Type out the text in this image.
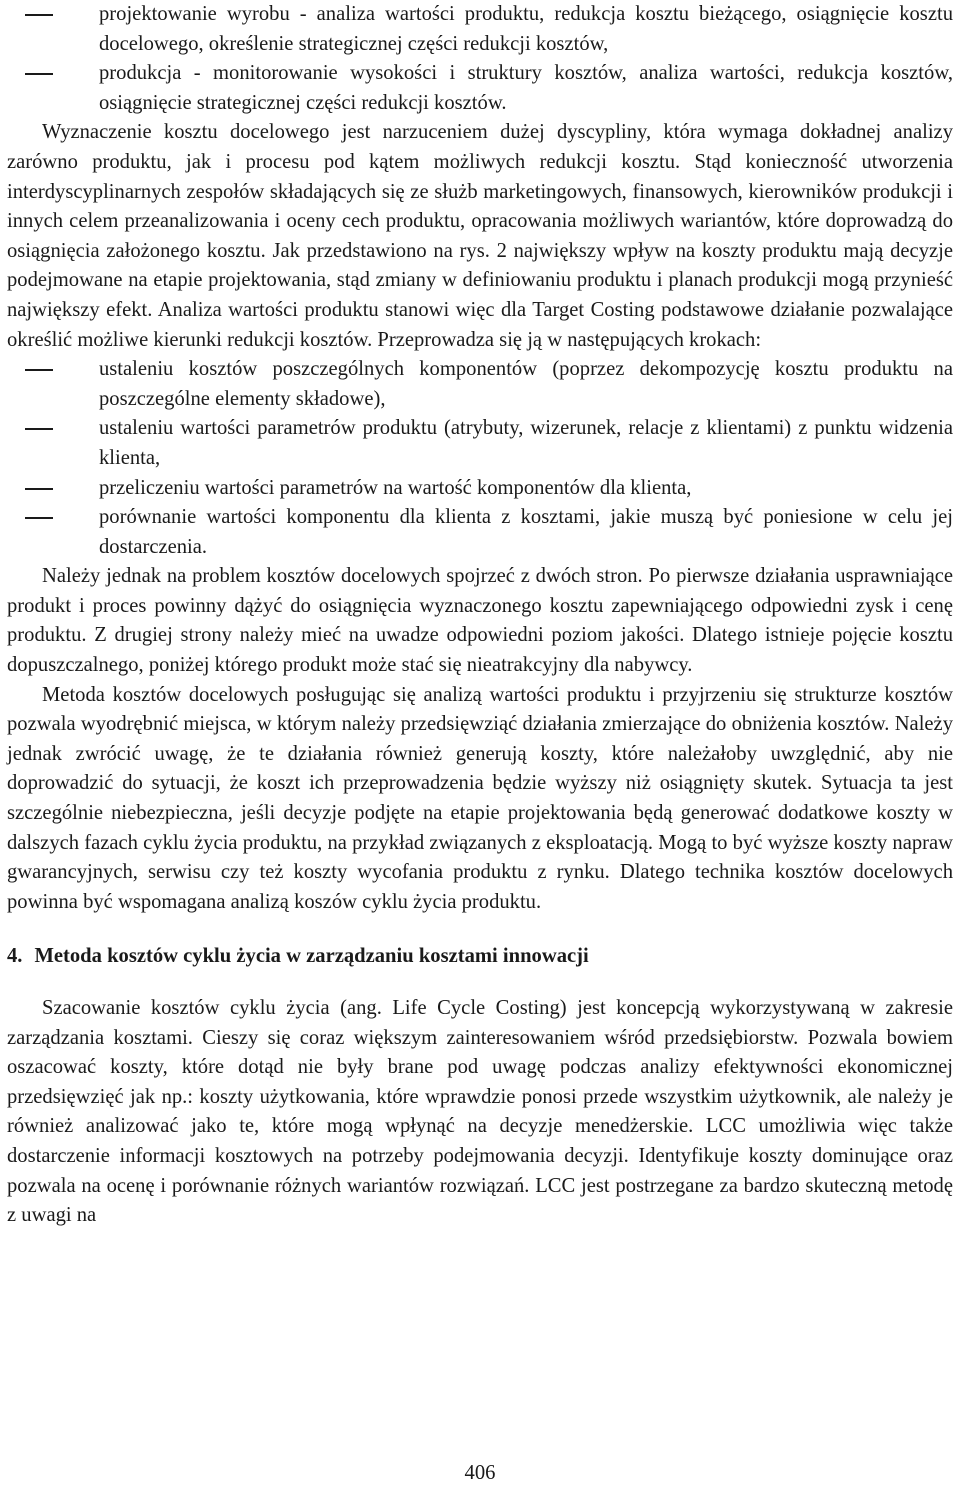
projektowanie wyrobu - analiza wartości produktu, redukcja kosztu bieżącego, osiągnięcie kosztu docelowego, określenie strategicznej części redukcji kosztów,
produkcja - monitorowanie wysokości i struktury kosztów, analiza wartości, redukcja kosztów, osiągnięcie strategicznej części redukcji kosztów.

Wyznaczenie kosztu docelowego jest narzuceniem dużej dyscypliny, która wymaga dokładnej analizy zarówno produktu, jak i procesu pod kątem możliwych redukcji kosztu. Stąd konieczność utworzenia interdyscyplinarnych zespołów składających się ze służb marketingowych, finansowych, kierowników produkcji i innych celem przeanalizowania i oceny cech produktu, opracowania możliwych wariantów, które doprowadzą do osiągnięcia założonego kosztu. Jak przedstawiono na rys. 2 największy wpływ na koszty produktu mają decyzje podejmowane na etapie projektowania, stąd zmiany w definiowaniu produktu i planach produkcji mogą przynieść największy efekt. Analiza wartości produktu stanowi więc dla Target Costing podstawowe działanie pozwalające określić możliwe kierunki redukcji kosztów. Przeprowadza się ją w następujących krokach:

ustaleniu kosztów poszczególnych komponentów (poprzez dekompozycję kosztu produktu na poszczególne elementy składowe),
ustaleniu wartości parametrów produktu (atrybuty, wizerunek, relacje z klientami) z punktu widzenia klienta,
przeliczeniu wartości parametrów na wartość komponentów dla klienta,
porównanie wartości komponentu dla klienta z kosztami, jakie muszą być poniesione w celu jej dostarczenia.

Należy jednak na problem kosztów docelowych spojrzeć z dwóch stron. Po pierwsze działania usprawniające produkt i proces powinny dążyć do osiągnięcia wyznaczonego kosztu zapewniającego odpowiedni zysk i cenę produktu. Z drugiej strony należy mieć na uwadze odpowiedni poziom jakości. Dlatego istnieje pojęcie kosztu dopuszczalnego, poniżej którego produkt może stać się nieatrakcyjny dla nabywcy.

Metoda kosztów docelowych posługując się analizą wartości produktu i przyjrzeniu się strukturze kosztów pozwala wyodrębnić miejsca, w którym należy przedsięwziąć działania zmierzające do obniżenia kosztów. Należy jednak zwrócić uwagę, że te działania również generują koszty, które należałoby uwzględnić, aby nie doprowadzić do sytuacji, że koszt ich przeprowadzenia będzie wyższy niż osiągnięty skutek. Sytuacja ta jest szczególnie niebezpieczna, jeśli decyzje podjęte na etapie projektowania będą generować dodatkowe koszty w dalszych fazach cyklu życia produktu, na przykład związanych z eksploatacją. Mogą to być wyższe koszty napraw gwarancyjnych, serwisu czy też koszty wycofania produktu z rynku. Dlatego technika kosztów docelowych powinna być wspomagana analizą koszów cyklu życia produktu.

4. Metoda kosztów cyklu życia w zarządzaniu kosztami innowacji

Szacowanie kosztów cyklu życia (ang. Life Cycle Costing) jest koncepcją wykorzystywaną w zakresie zarządzania kosztami. Cieszy się coraz większym zainteresowaniem wśród przedsiębiorstw. Pozwala bowiem oszacować koszty, które dotąd nie były brane pod uwagę podczas analizy efektywności ekonomicznej przedsięwzięć jak np.: koszty użytkowania, które wprawdzie ponosi przede wszystkim użytkownik, ale należy je również analizować jako te, które mogą wpłynąć na decyzje menedżerskie. LCC umożliwia więc także dostarczenie informacji kosztowych na potrzeby podejmowania decyzji. Identyfikuje koszty dominujące oraz pozwala na ocenę i porównanie różnych wariantów rozwiązań. LCC jest postrzegane za bardzo skuteczną metodę z uwagi na

406
